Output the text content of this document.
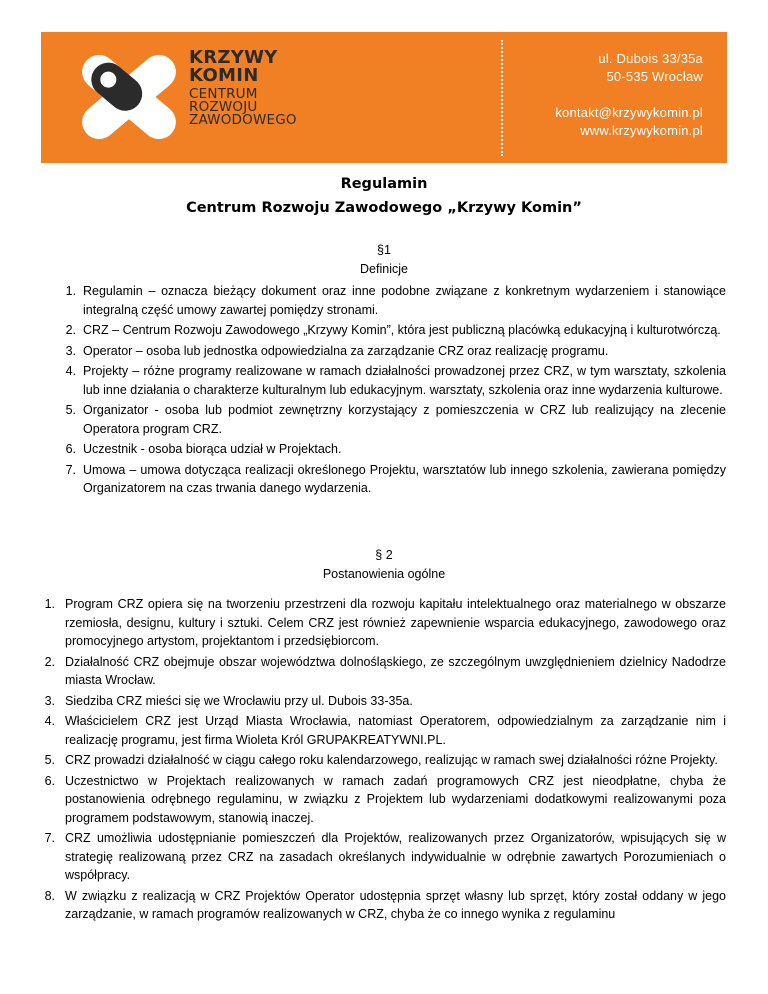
KRZYWY
KOMIN
CENTRUM
ROZWOJU
ZAWODOWEGO
ul. Dubois 33/35a
50-535 Wrocław
kontakt@krzywykomin.pl
www.krzywykomin.pl
Regulamin
Centrum Rozwoju Zawodowego „Krzywy Komin”
§1
Definicje
1. Regulamin – oznacza bieżący dokument oraz inne podobne związane z konkretnym wydarzeniem i stanowiące integralną część umowy zawartej pomiędzy stronami.
2. CRZ – Centrum Rozwoju Zawodowego „Krzywy Komin”, która jest publiczną placówką edukacyjną i kulturotwórczą.
3. Operator – osoba lub jednostka odpowiedzialna za zarządzanie CRZ oraz realizację programu.
4. Projekty – różne programy realizowane w ramach działalności prowadzonej przez CRZ, w tym warsztaty, szkolenia lub inne działania o charakterze kulturalnym lub edukacyjnym. warsztaty, szkolenia oraz inne wydarzenia kulturowe.
5. Organizator - osoba lub podmiot zewnętrzny korzystający z pomieszczenia w CRZ lub realizujący na zlecenie Operatora program CRZ.
6. Uczestnik - osoba biorąca udział w Projektach.
7. Umowa – umowa dotycząca realizacji określonego Projektu, warsztatów lub innego szkolenia, zawierana pomiędzy Organizatorem na czas trwania danego wydarzenia.
§ 2
Postanowienia ogólne
1. Program CRZ opiera się na tworzeniu przestrzeni dla rozwoju kapitału intelektualnego oraz materialnego w obszarze rzemiosła, designu, kultury i sztuki. Celem CRZ jest również zapewnienie wsparcia edukacyjnego, zawodowego oraz promocyjnego artystom, projektantom i przedsiębiorcom.
2. Działalność CRZ obejmuje obszar województwa dolnośląskiego, ze szczególnym uwzględnieniem dzielnicy Nadodrze miasta Wrocław.
3. Siedziba CRZ mieści się we Wrocławiu przy ul. Dubois 33-35a.
4. Właścicielem CRZ jest Urząd Miasta Wrocławia, natomiast Operatorem, odpowiedzialnym za zarządzanie nim i realizację programu, jest firma Wioleta Król GRUPAKREATYWNI.PL.
5. CRZ prowadzi działalność w ciągu całego roku kalendarzowego, realizując w ramach swej działalności różne Projekty.
6. Uczestnictwo w Projektach realizowanych w ramach zadań programowych CRZ jest nieodpłatne, chyba że postanowienia odrębnego regulaminu, w związku z Projektem lub wydarzeniami dodatkowymi realizowanymi poza programem podstawowym, stanowią inaczej.
7. CRZ umożliwia udostępnianie pomieszczeń dla Projektów, realizowanych przez Organizatorów, wpisujących się w strategię realizowaną przez CRZ na zasadach określanych indywidualnie w odrębnie zawartych Porozumieniach o współpracy.
8. W związku z realizacją w CRZ Projektów Operator udostępnia sprzęt własny lub sprzęt, który został oddany w jego zarządzanie, w ramach programów realizowanych w CRZ, chyba że co innego wynika z regulaminu
